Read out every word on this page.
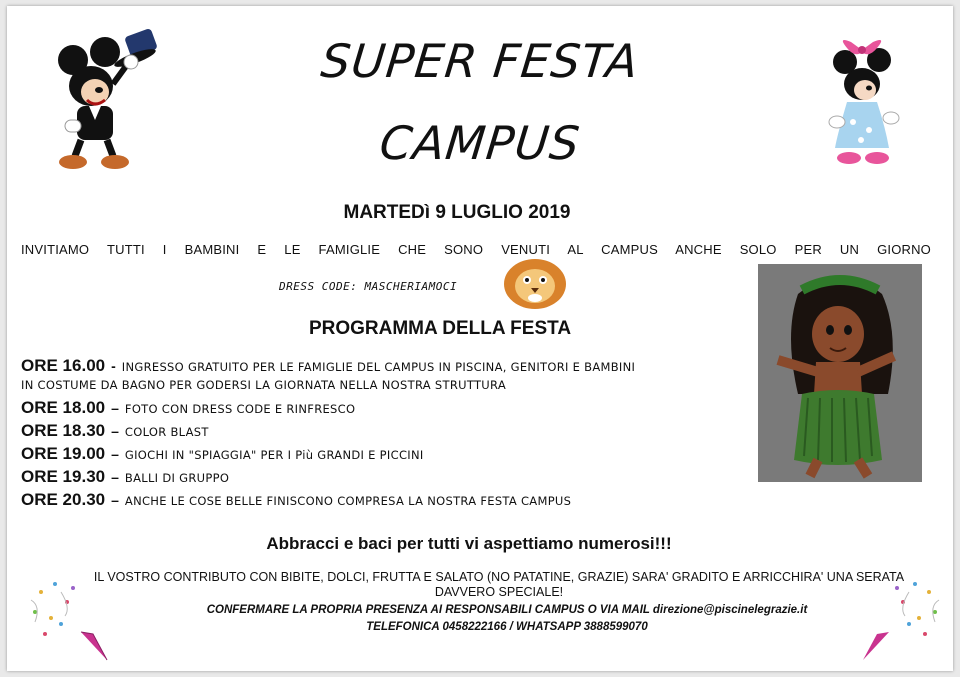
SUPER FESTA
CAMPUS
MARTEDì 9 LUGLIO 2019
INVITIAMO TUTTI I BAMBINI E LE FAMIGLIE CHE SONO VENUTI AL CAMPUS ANCHE SOLO PER UN GIORNO
DRESS CODE: MASCHERIAMOCI
PROGRAMMA DELLA FESTA
ORE 16.00 - INGRESSO GRATUITO PER LE FAMIGLIE DEL CAMPUS IN PISCINA, GENITORI E BAMBINI
IN COSTUME DA BAGNO PER GODERSI LA GIORNATA NELLA NOSTRA STRUTTURA
ORE 18.00 – FOTO CON DRESS CODE E RINFRESCO
ORE 18.30 – COLOR BLAST
ORE 19.00 – GIOCHI IN "SPIAGGIA" PER I Più GRANDI E PICCINI
ORE 19.30 – BALLI DI GRUPPO
ORE 20.30 – ANCHE LE COSE BELLE FINISCONO COMPRESA LA NOSTRA FESTA CAMPUS
Abbracci e baci per tutti vi aspettiamo numerosi!!!
IL VOSTRO CONTRIBUTO CON BIBITE, DOLCI, FRUTTA E SALATO (NO PATATINE, GRAZIE) SARA' GRADITO E ARRICCHIRA' UNA SERATA DAVVERO SPECIALE!
CONFERMARE LA PROPRIA PRESENZA AI RESPONSABILI CAMPUS O VIA MAIL direzione@piscinelegrazie.it
TELEFONICA 0458222166 / WHATSAPP 3888599070
